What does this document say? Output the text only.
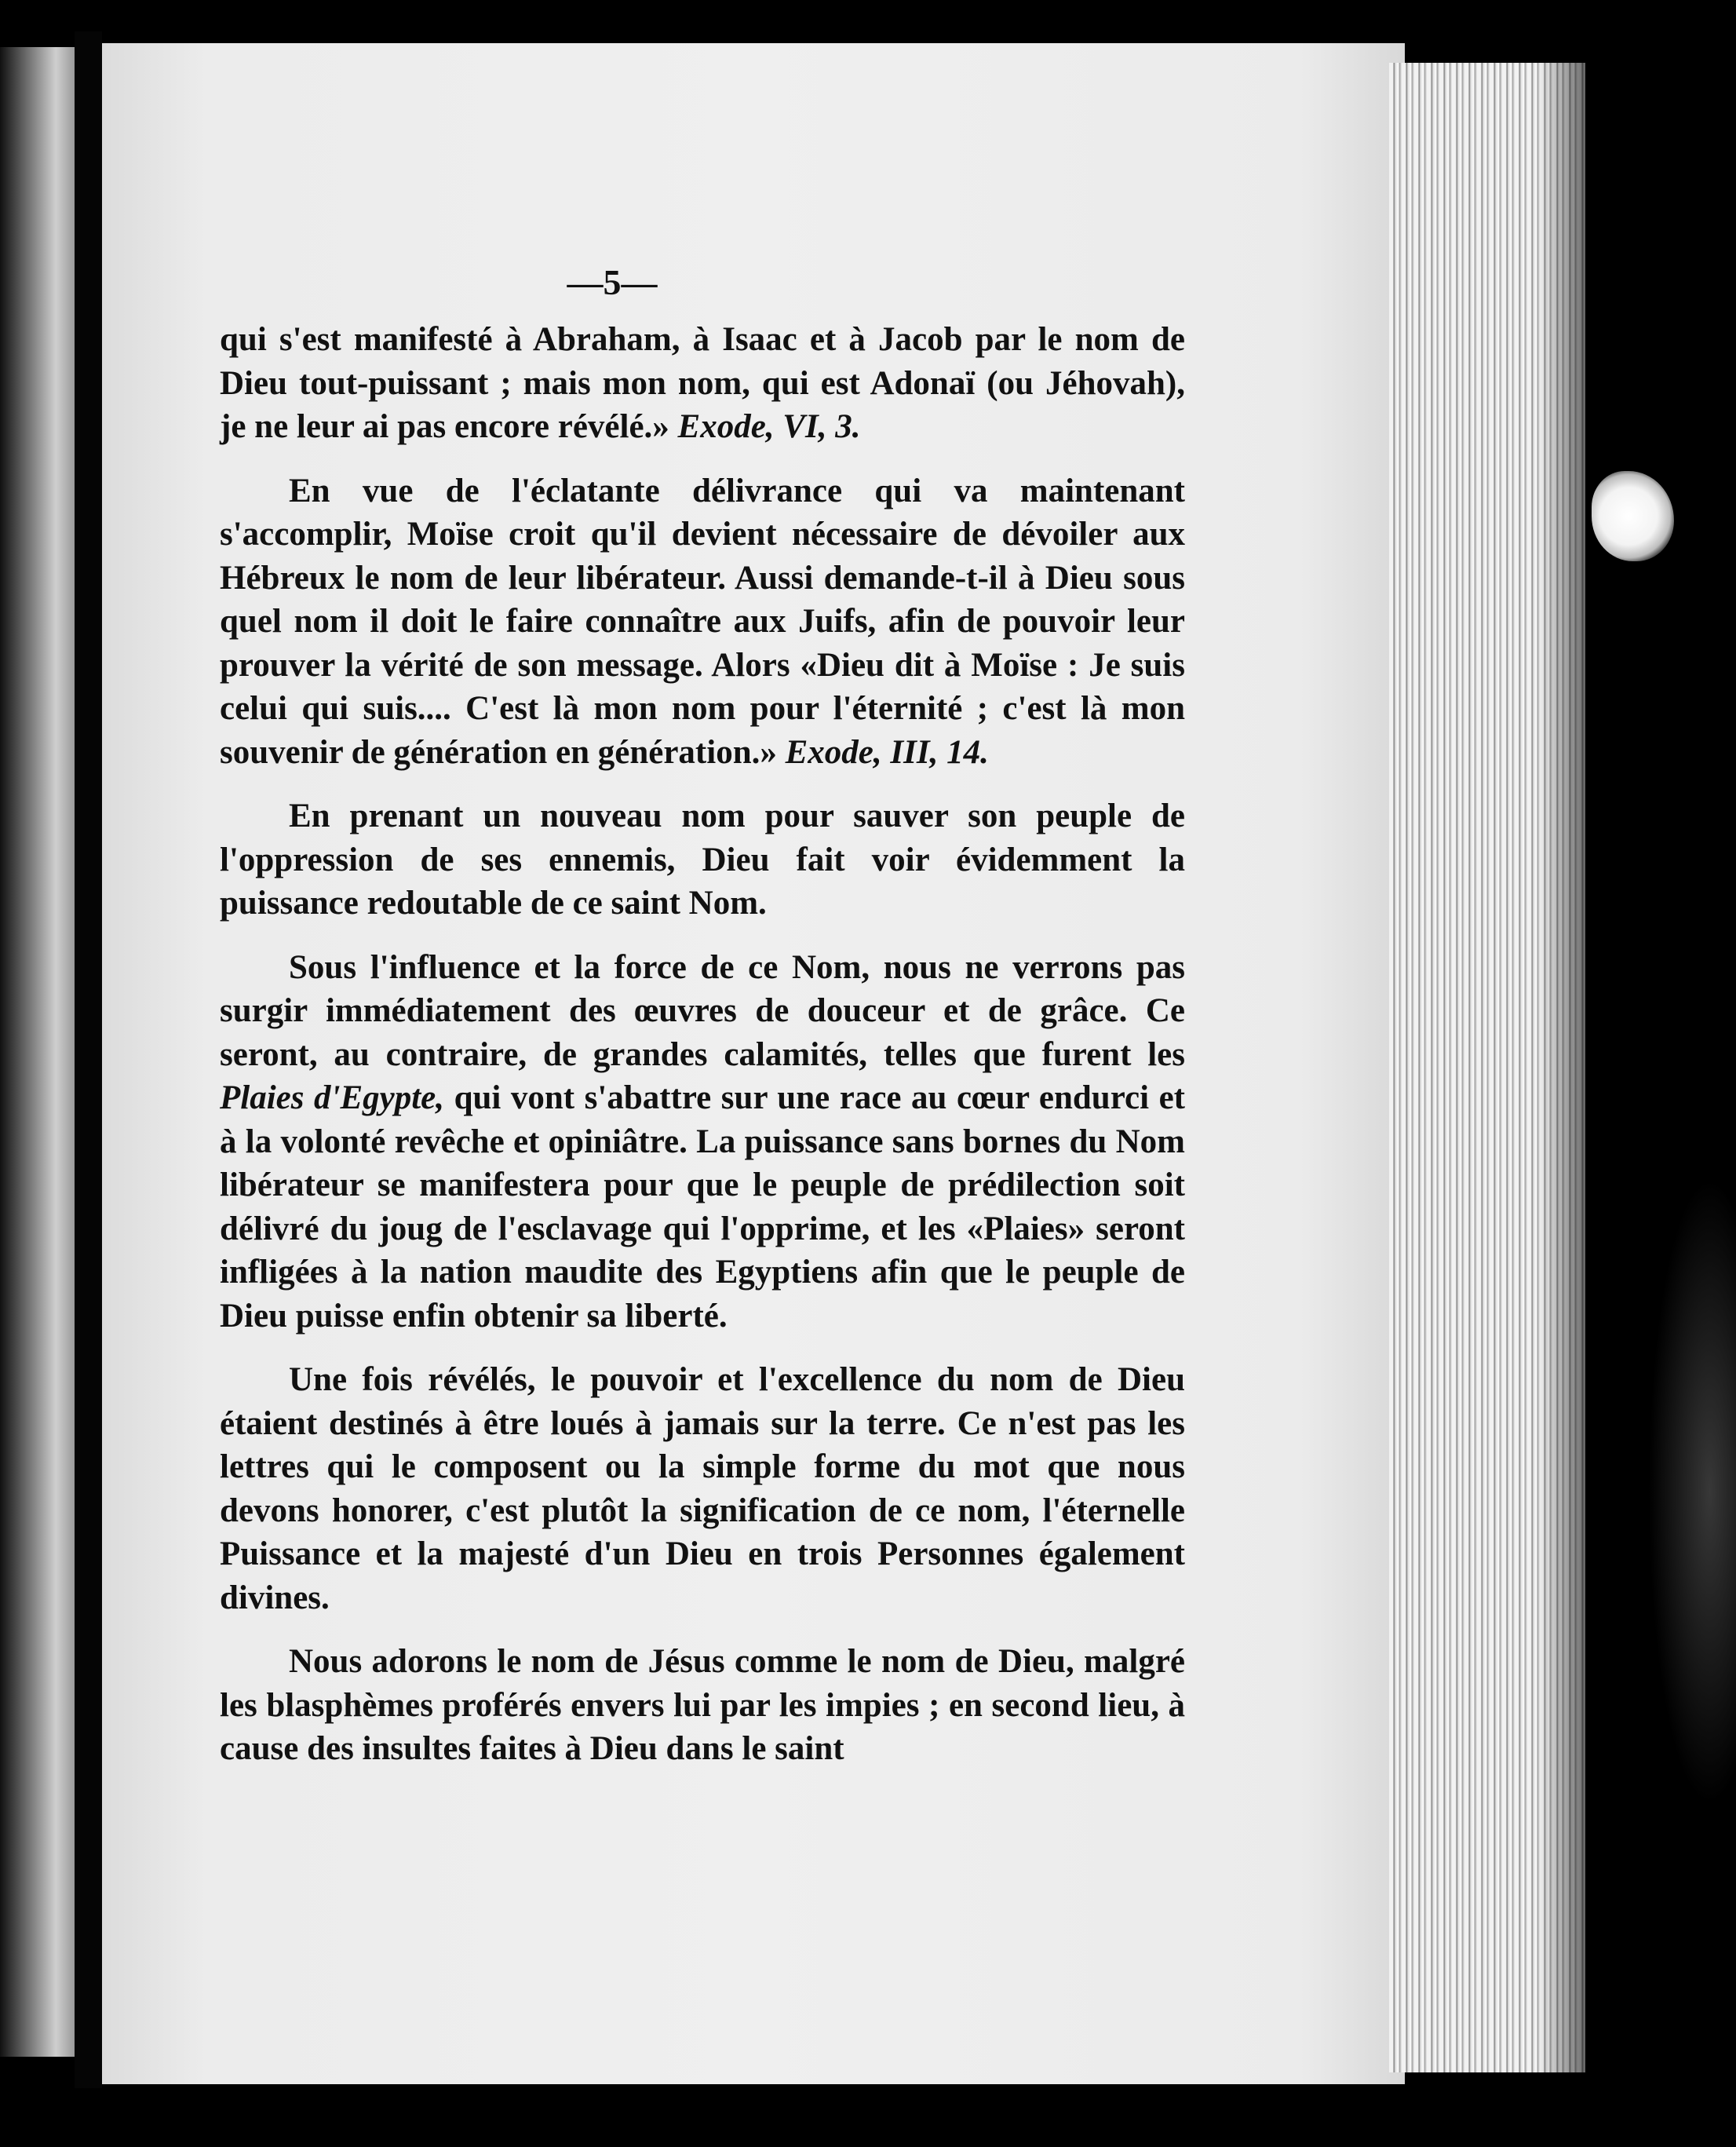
—5—

qui s'est manifesté à Abraham, à Isaac et à Jacob par le nom de Dieu tout-puissant ; mais mon nom, qui est Adonaï (ou Jéhovah), je ne leur ai pas encore révélé.» Exode, VI, 3.

En vue de l'éclatante délivrance qui va maintenant s'accomplir, Moïse croit qu'il devient nécessaire de dévoiler aux Hébreux le nom de leur libérateur. Aussi demande-t-il à Dieu sous quel nom il doit le faire connaître aux Juifs, afin de pouvoir leur prouver la vérité de son message. Alors «Dieu dit à Moïse : Je suis celui qui suis.... C'est là mon nom pour l'éternité ; c'est là mon souvenir de génération en génération.» Exode, III, 14.

En prenant un nouveau nom pour sauver son peuple de l'oppression de ses ennemis, Dieu fait voir évidemment la puissance redoutable de ce saint Nom.

Sous l'influence et la force de ce Nom, nous ne verrons pas surgir immédiatement des œuvres de douceur et de grâce. Ce seront, au contraire, de grandes calamités, telles que furent les Plaies d'Egypte, qui vont s'abattre sur une race au cœur endurci et à la volonté revêche et opiniâtre. La puissance sans bornes du Nom libérateur se manifestera pour que le peuple de prédilection soit délivré du joug de l'esclavage qui l'opprime, et les «Plaies» seront infligées à la nation maudite des Egyptiens afin que le peuple de Dieu puisse enfin obtenir sa liberté.

Une fois révélés, le pouvoir et l'excellence du nom de Dieu étaient destinés à être loués à jamais sur la terre. Ce n'est pas les lettres qui le composent ou la simple forme du mot que nous devons honorer, c'est plutôt la signification de ce nom, l'éternelle Puissance et la majesté d'un Dieu en trois Personnes également divines.

Nous adorons le nom de Jésus comme le nom de Dieu, malgré les blasphèmes proférés envers lui par les impies ; en second lieu, à cause des insultes faites à Dieu dans le saint
